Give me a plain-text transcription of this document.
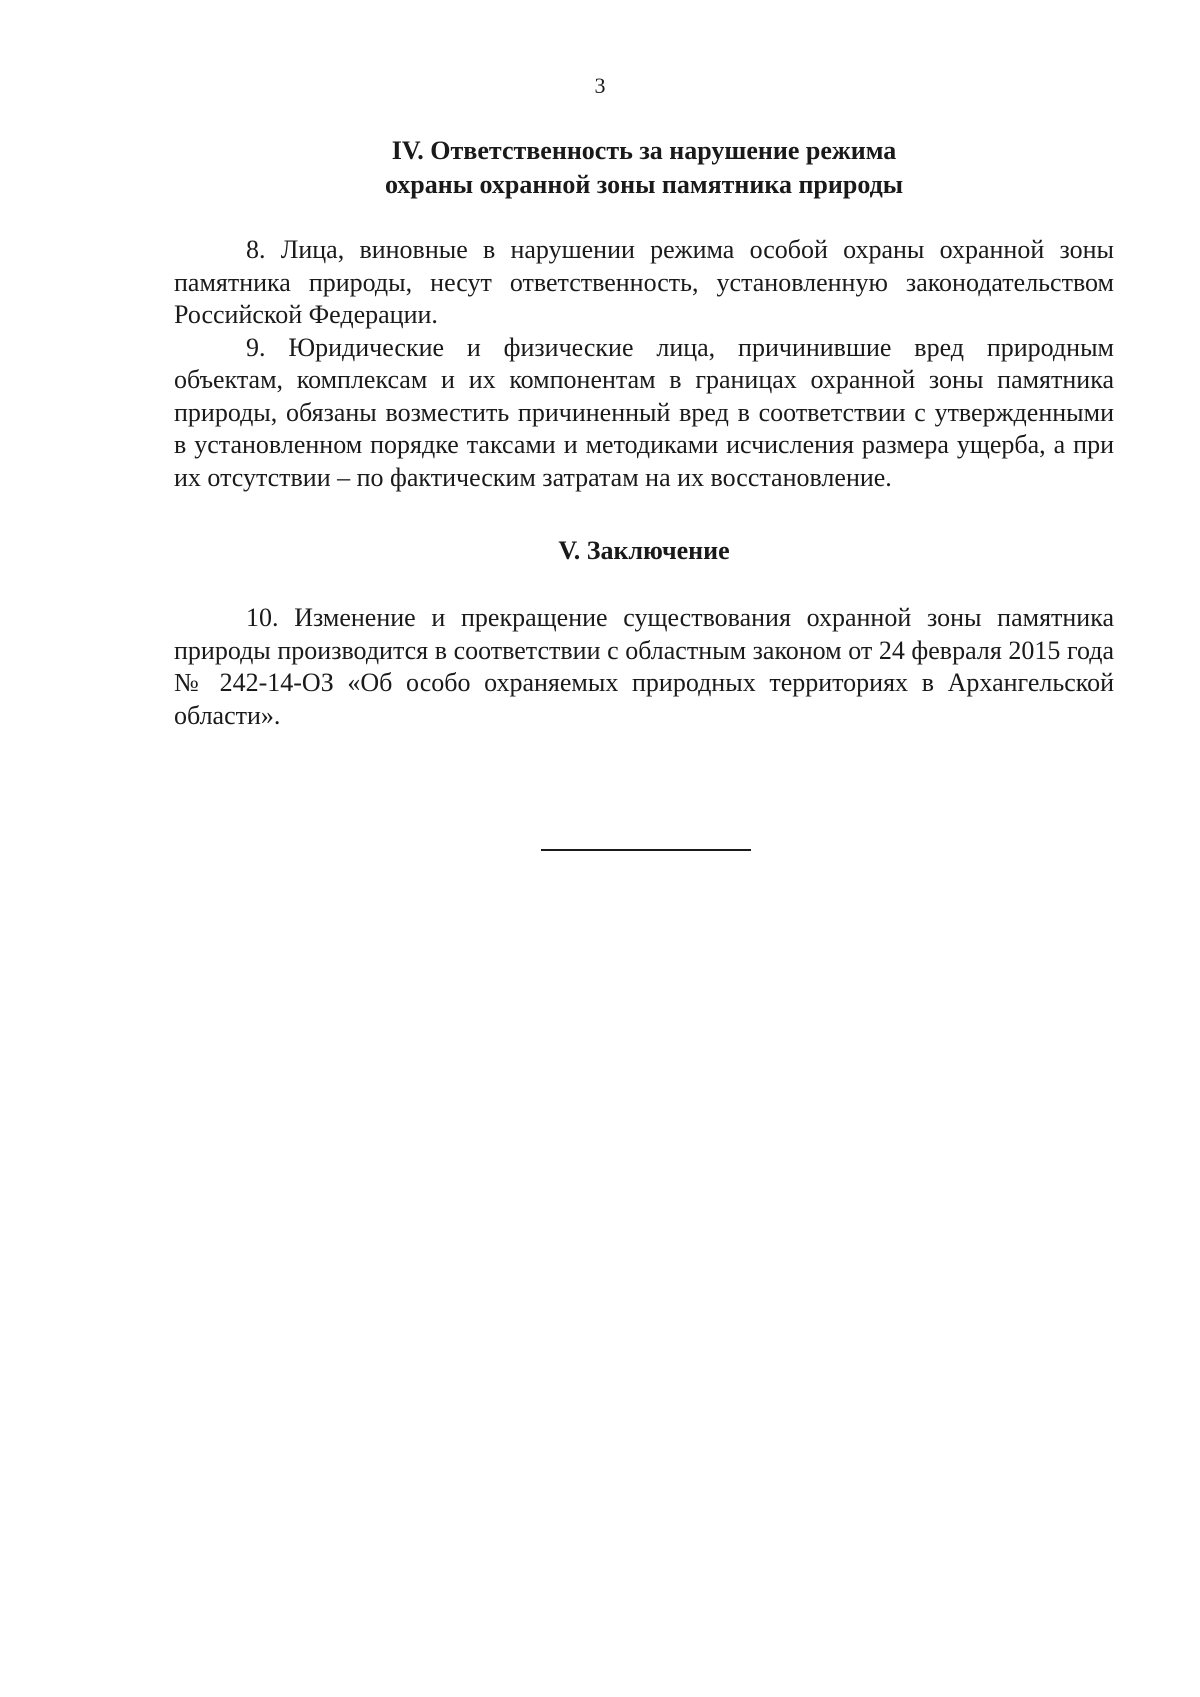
3
IV. Ответственность за нарушение режима
охраны охранной зоны памятника природы

8. Лица, виновные в нарушении режима особой охраны охранной зоны памятника природы, несут ответственность, установленную законодательством Российской Федерации.

9. Юридические и физические лица, причинившие вред природным объектам, комплексам и их компонентам в границах охранной зоны памятника природы, обязаны возместить причиненный вред в соответствии с утвержденными в установленном порядке таксами и методиками исчисления размера ущерба, а при их отсутствии – по фактическим затратам на их восстановление.

V. Заключение

10. Изменение и прекращение существования охранной зоны памятника природы производится в соответствии с областным законом от 24 февраля 2015 года № 242-14-ОЗ «Об особо охраняемых природных территориях в Архангельской области».
